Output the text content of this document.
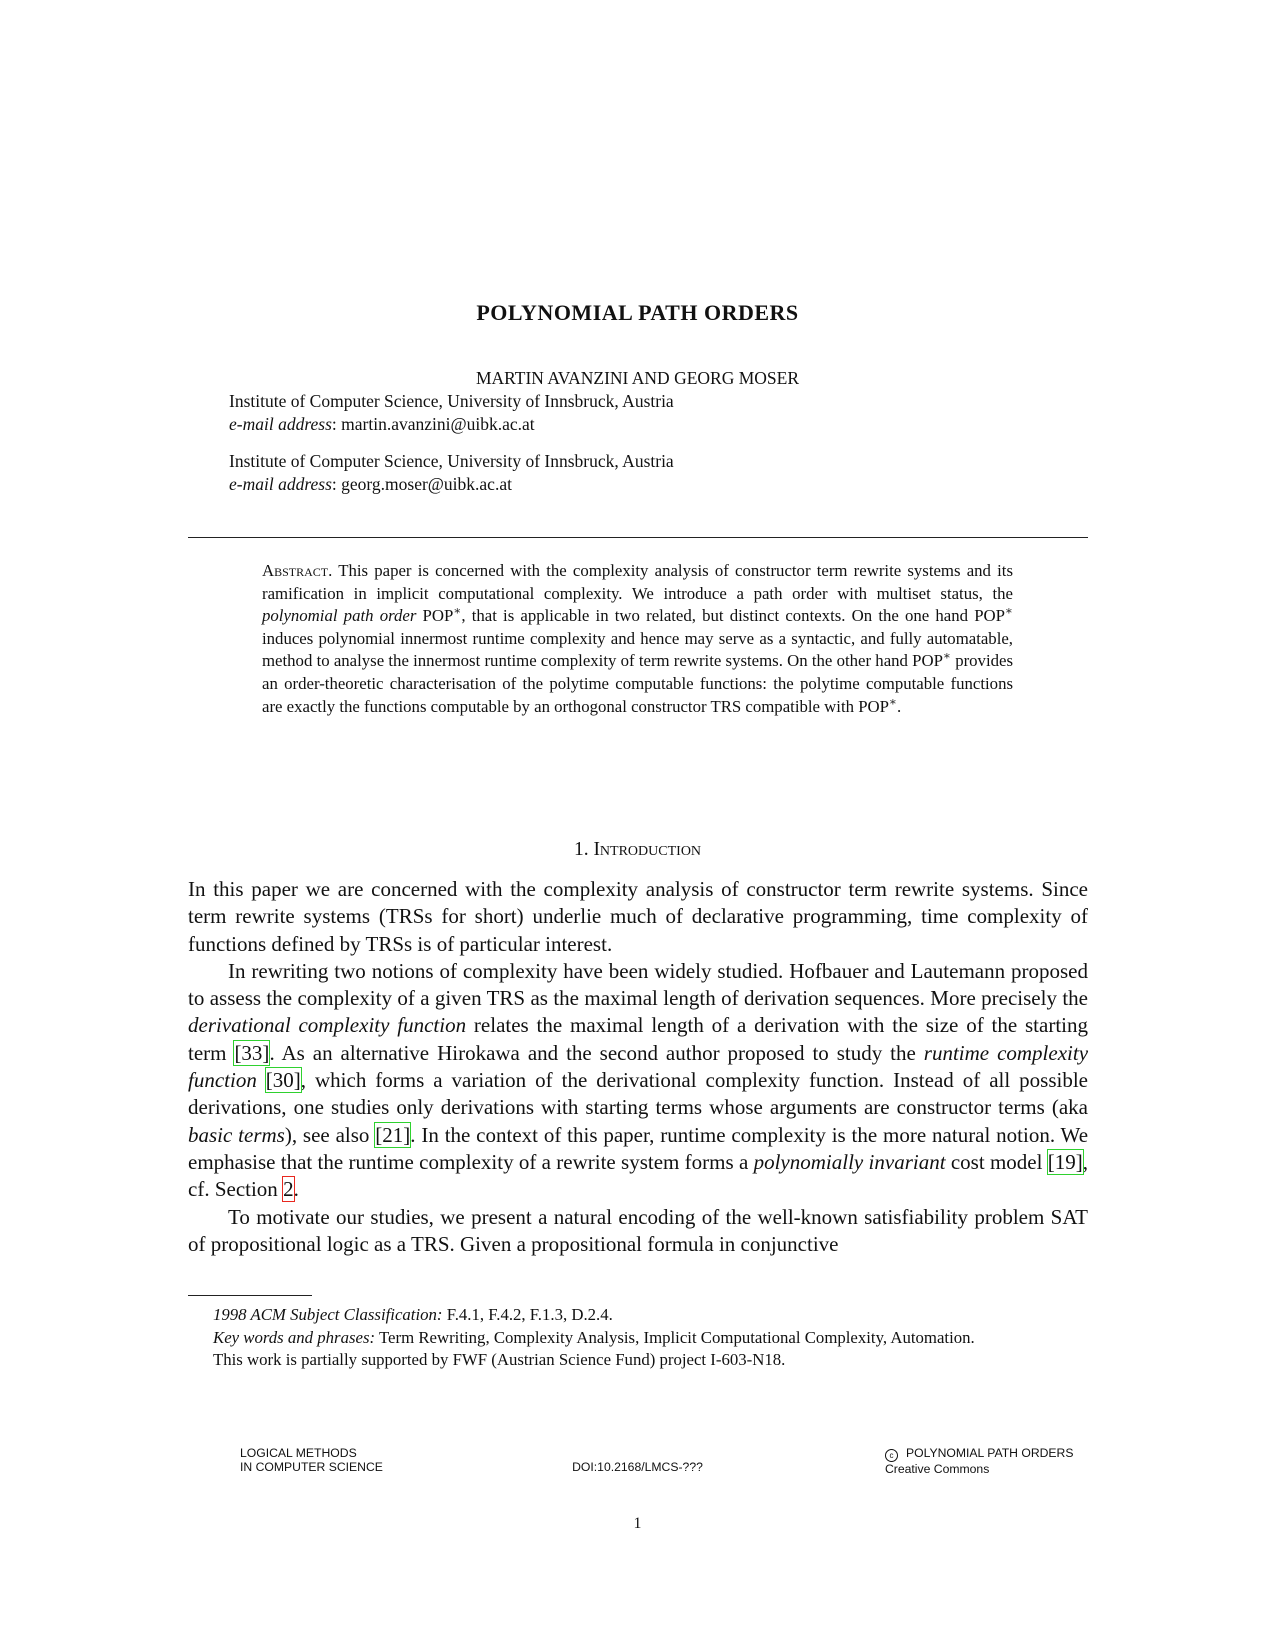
POLYNOMIAL PATH ORDERS
MARTIN AVANZINI AND GEORG MOSER
Institute of Computer Science, University of Innsbruck, Austria
e-mail address: martin.avanzini@uibk.ac.at
Institute of Computer Science, University of Innsbruck, Austria
e-mail address: georg.moser@uibk.ac.at
Abstract. This paper is concerned with the complexity analysis of constructor term rewrite systems and its ramification in implicit computational complexity. We introduce a path order with multiset status, the polynomial path order POP∗, that is applicable in two related, but distinct contexts. On the one hand POP∗ induces polynomial innermost runtime complexity and hence may serve as a syntactic, and fully automatable, method to analyse the innermost runtime complexity of term rewrite systems. On the other hand POP∗ provides an order-theoretic characterisation of the polytime computable functions: the polytime computable functions are exactly the functions computable by an orthogonal constructor TRS compatible with POP∗.
1. Introduction

In this paper we are concerned with the complexity analysis of constructor term rewrite systems. Since term rewrite systems (TRSs for short) underlie much of declarative programming, time complexity of functions defined by TRSs is of particular interest.

In rewriting two notions of complexity have been widely studied. Hofbauer and Lautemann proposed to assess the complexity of a given TRS as the maximal length of derivation sequences. More precisely the derivational complexity function relates the maximal length of a derivation with the size of the starting term [33]. As an alternative Hirokawa and the second author proposed to study the runtime complexity function [30], which forms a variation of the derivational complexity function. Instead of all possible derivations, one studies only derivations with starting terms whose arguments are constructor terms (aka basic terms), see also [21]. In the context of this paper, runtime complexity is the more natural notion. We emphasise that the runtime complexity of a rewrite system forms a polynomially invariant cost model [19], cf. Section 2.

To motivate our studies, we present a natural encoding of the well-known satisfiability problem SAT of propositional logic as a TRS. Given a propositional formula in conjunctive

1998 ACM Subject Classification: F.4.1, F.4.2, F.1.3, D.2.4.

Key words and phrases: Term Rewriting, Complexity Analysis, Implicit Computational Complexity, Automation.

This work is partially supported by FWF (Austrian Science Fund) project I-603-N18.

LOGICAL METHODS
IN COMPUTER SCIENCE	DOI:10.2168/LMCS-???
c POLYNOMIAL PATH ORDERS
Creative Commons
1
